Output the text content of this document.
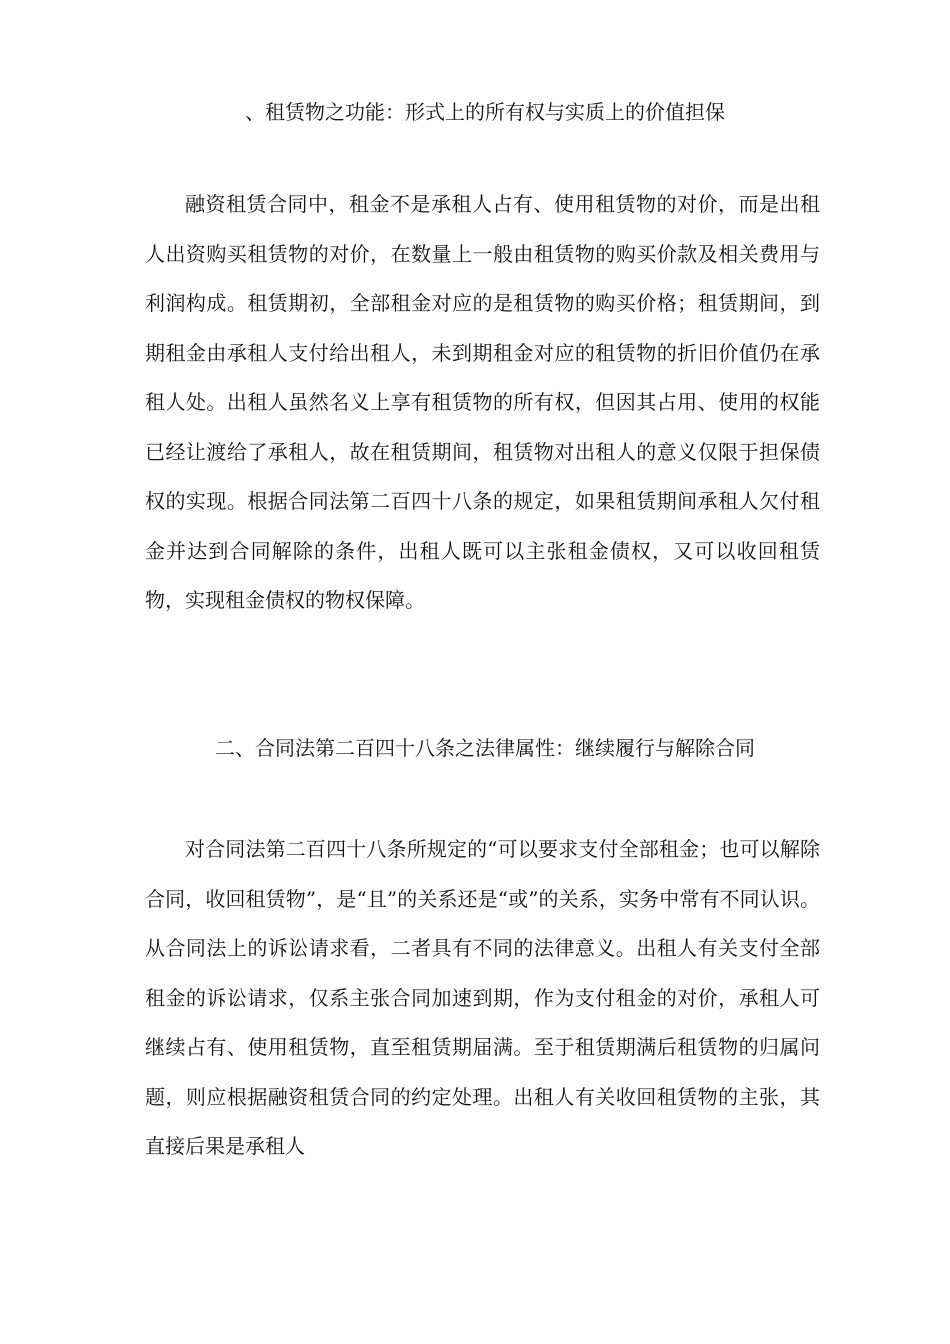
、租赁物之功能：形式上的所有权与实质上的价值担保

融资租赁合同中，租金不是承租人占有、使用租赁物的对价，而是出租人出资购买租赁物的对价，在数量上一般由租赁物的购买价款及相关费用与利润构成。租赁期初，全部租金对应的是租赁物的购买价格；租赁期间，到期租金由承租人支付给出租人，未到期租金对应的租赁物的折旧价值仍在承租人处。出租人虽然名义上享有租赁物的所有权，但因其占用、使用的权能已经让渡给了承租人，故在租赁期间，租赁物对出租人的意义仅限于担保债权的实现。根据合同法第二百四十八条的规定，如果租赁期间承租人欠付租金并达到合同解除的条件，出租人既可以主张租金债权，又可以收回租赁物，实现租金债权的物权保障。

二、合同法第二百四十八条之法律属性：继续履行与解除合同

对合同法第二百四十八条所规定的“可以要求支付全部租金；也可以解除合同，收回租赁物”，是“且”的关系还是“或”的关系，实务中常有不同认识。从合同法上的诉讼请求看，二者具有不同的法律意义。出租人有关支付全部租金的诉讼请求，仅系主张合同加速到期，作为支付租金的对价，承租人可继续占有、使用租赁物，直至租赁期届满。至于租赁期满后租赁物的归属问题，则应根据融资租赁合同的约定处理。出租人有关收回租赁物的主张，其直接后果是承租人
